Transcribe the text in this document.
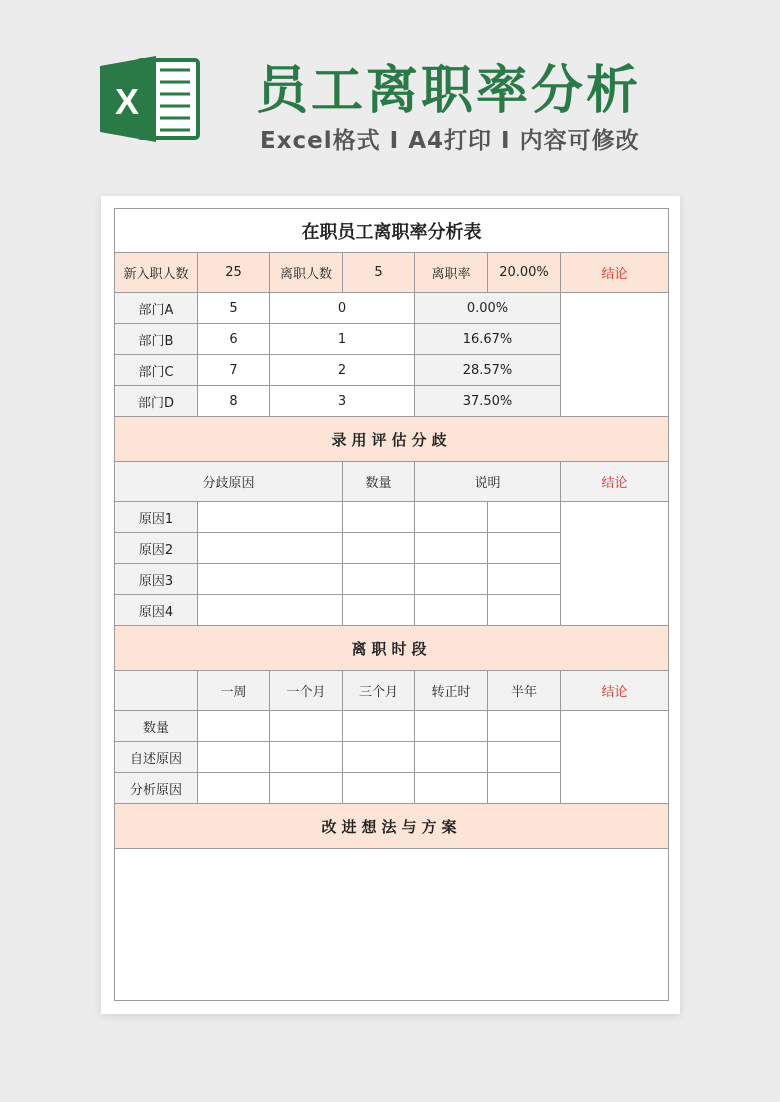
X 员工离职率分析
Excel格式 I A4打印 I 内容可修改
在职员工离职率分析表						
新入职人数	25	离职人数	5	离职率	20.00%	结论
部门A	5	0		0.00%		
部门B	6	1		16.67%		
部门C	7	2		28.57%		
部门D	8	3		37.50%		
录用评估分歧						
分歧原因			数量	说明		结论
原因1						
原因2						
原因3						
原因4						
离职时段						
	一周	一个月	三个月	转正时	半年	结论
数量						
自述原因						
分析原因						
改进想法与方案						
